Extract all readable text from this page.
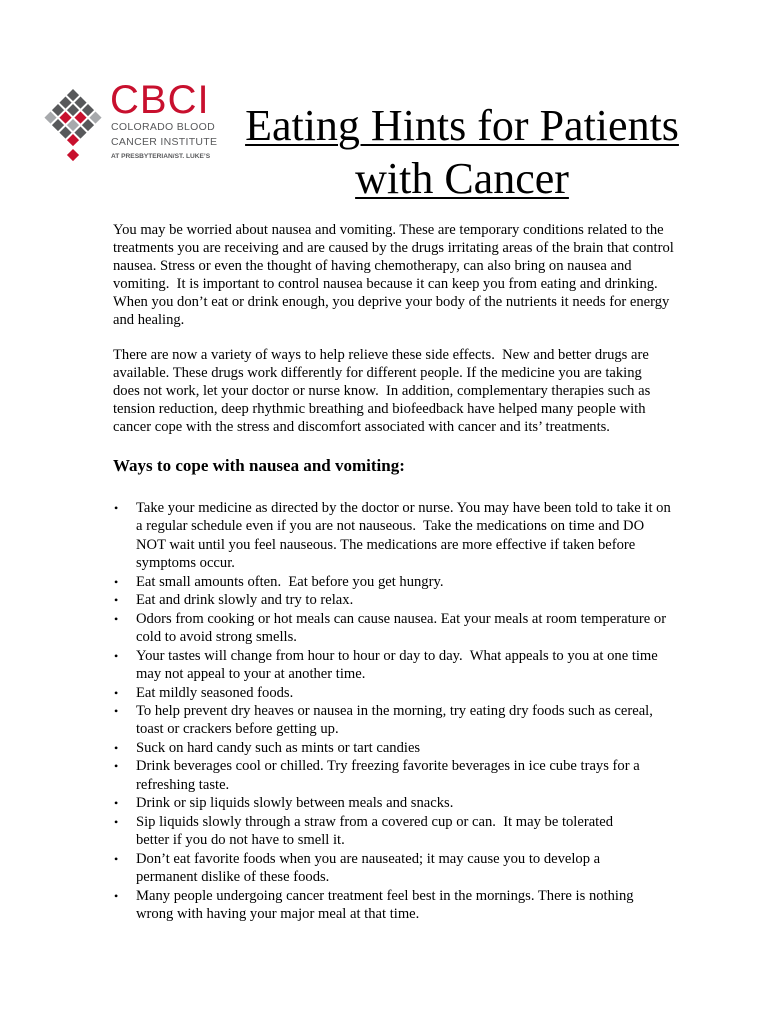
CBCI
COLORADO BLOOD
CANCER INSTITUTE
AT PRESBYTERIAN/ST. LUKE’S
Eating Hints for Patients
with Cancer
You may be worried about nausea and vomiting. These are temporary conditions related to the
treatments you are receiving and are caused by the drugs irritating areas of the brain that control
nausea. Stress or even the thought of having chemotherapy, can also bring on nausea and
vomiting.  It is important to control nausea because it can keep you from eating and drinking.
When you don’t eat or drink enough, you deprive your body of the nutrients it needs for energy
and healing.
There are now a variety of ways to help relieve these side effects.  New and better drugs are
available. These drugs work differently for different people. If the medicine you are taking
does not work, let your doctor or nurse know.  In addition, complementary therapies such as
tension reduction, deep rhythmic breathing and biofeedback have helped many people with
cancer cope with the stress and discomfort associated with cancer and its’ treatments.
Ways to cope with nausea and vomiting:
• Take your medicine as directed by the doctor or nurse. You may have been told to take it on
a regular schedule even if you are not nauseous.  Take the medications on time and DO
NOT wait until you feel nauseous. The medications are more effective if taken before
symptoms occur.
• Eat small amounts often.  Eat before you get hungry.
• Eat and drink slowly and try to relax.
• Odors from cooking or hot meals can cause nausea. Eat your meals at room temperature or
cold to avoid strong smells.
• Your tastes will change from hour to hour or day to day.  What appeals to you at one time
may not appeal to your at another time.
• Eat mildly seasoned foods.
• To help prevent dry heaves or nausea in the morning, try eating dry foods such as cereal,
toast or crackers before getting up.
• Suck on hard candy such as mints or tart candies
• Drink beverages cool or chilled. Try freezing favorite beverages in ice cube trays for a
refreshing taste.
• Drink or sip liquids slowly between meals and snacks.
• Sip liquids slowly through a straw from a covered cup or can.  It may be tolerated
better if you do not have to smell it.
• Don’t eat favorite foods when you are nauseated; it may cause you to develop a
permanent dislike of these foods.
• Many people undergoing cancer treatment feel best in the mornings. There is nothing
wrong with having your major meal at that time.
